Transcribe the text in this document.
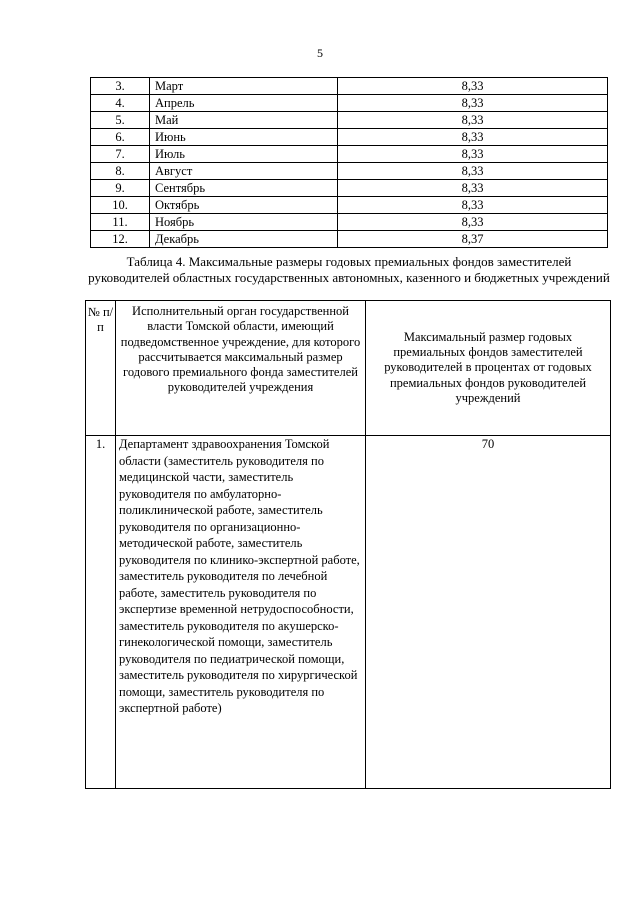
5
3.	Март	8,33
4.	Апрель	8,33
5.	Май	8,33
6.	Июнь	8,33
7.	Июль	8,33
8.	Август	8,33
9.	Сентябрь	8,33
10.	Октябрь	8,33
11.	Ноябрь	8,33
12.	Декабрь	8,37
Таблица 4. Максимальные размеры годовых премиальных фондов заместителей руководителей областных государственных автономных, казенного и бюджетных учреждений
№ п/п	Исполнительный орган государственной власти Томской области, имеющий подведомственное учреждение, для которого рассчитывается максимальный размер годового премиального фонда заместителей руководителей учреждения	Максимальный размер годовых премиальных фондов заместителей руководителей в процентах от годовых премиальных фондов руководителей учреждений
1.	Департамент здравоохранения Томской области (заместитель руководителя по медицинской части, заместитель руководителя по амбулаторно-поликлинической работе, заместитель руководителя по организационно-методической работе, заместитель руководителя по клинико-экспертной работе, заместитель руководителя по лечебной работе, заместитель руководителя по экспертизе временной нетрудоспособности, заместитель руководителя по акушерско-гинекологической помощи, заместитель руководителя по педиатрической помощи, заместитель руководителя по хирургической помощи, заместитель руководителя по экспертной работе)	70
